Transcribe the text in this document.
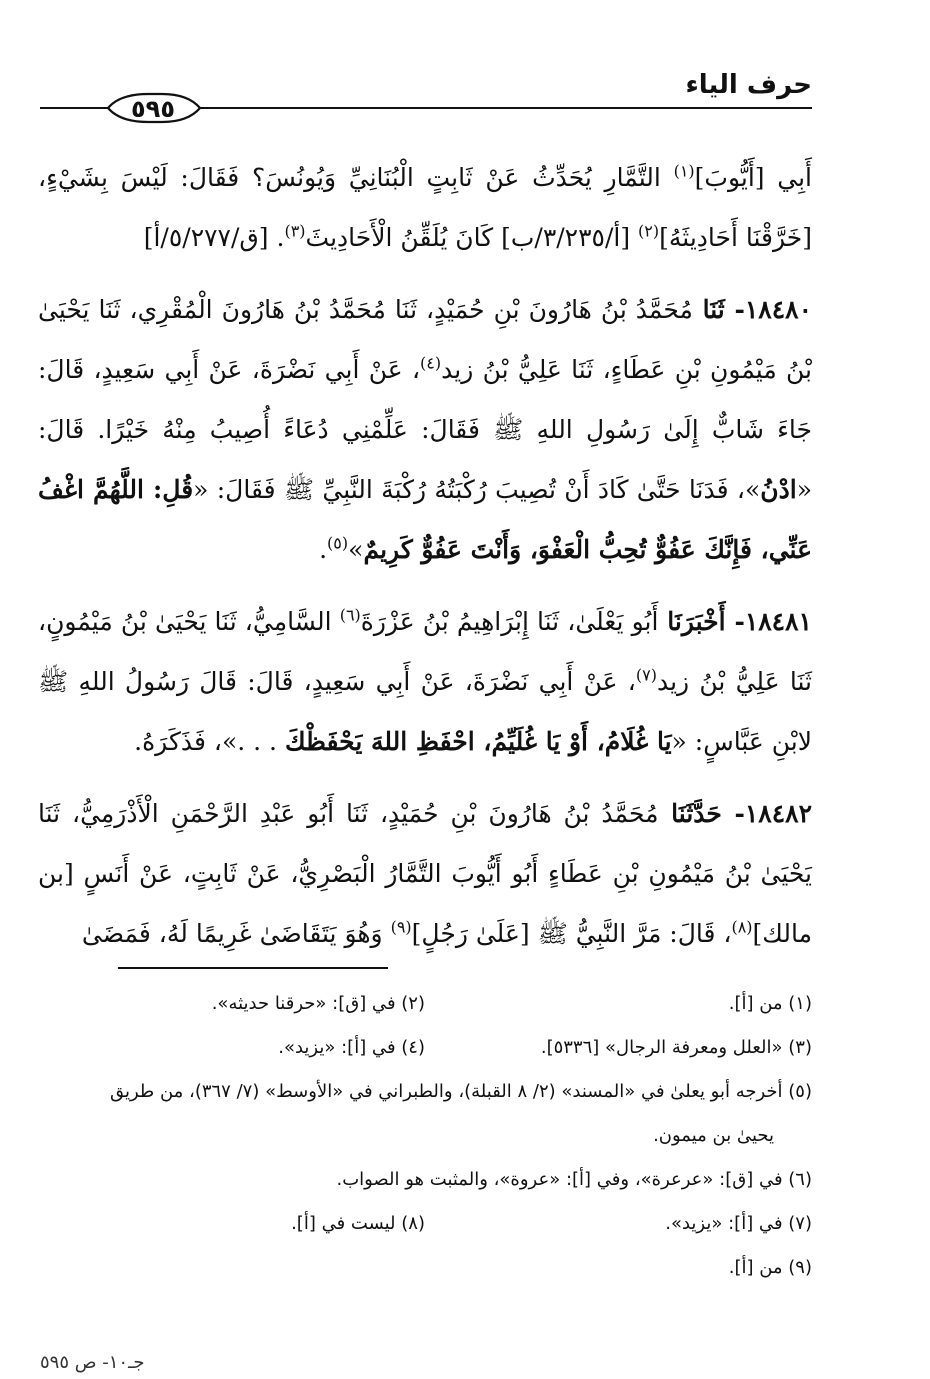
حرف الياء
٥٩٥

أَبِي [أَيُّوبَ]$^{(١)}$ التَّمَّارِ يُحَدِّثُ عَنْ ثَابِتٍ الْبُنَانِيِّ وَيُونُسَ؟ فَقَالَ: لَيْسَ بِشَيْءٍ، [خَرَّقْنَا أَحَادِيثَهُ]$^{(٢)}$ [أ/٣/٢٣٥/ب] كَانَ يُلَقِّنُ الْأَحَادِيثَ$^{(٣)}$. [ق/٥/٢٧٧/أ]

١٨٤٨٠- ثَنَا مُحَمَّدُ بْنُ هَارُونَ بْنِ حُمَيْدٍ، ثَنَا مُحَمَّدُ بْنُ هَارُونَ الْمُقْرِي، ثَنَا يَحْيَىٰ بْنُ مَيْمُونِ بْنِ عَطَاءٍ، ثَنَا عَلِيُّ بْنُ زيد$^{(٤)}$، عَنْ أَبِي نَضْرَةَ، عَنْ أَبِي سَعِيدٍ، قَالَ: جَاءَ شَابٌّ إِلَىٰ رَسُولِ اللهِ ﷺ فَقَالَ: عَلِّمْنِي دُعَاءً أُصِيبُ مِنْهُ خَيْرًا. قَالَ: «ادْنُ»، فَدَنَا حَتَّىٰ كَادَ أَنْ تُصِيبَ رُكْبَتُهُ رُكْبَةَ النَّبِيِّ ﷺ فَقَالَ: «قُلِ: اللَّهُمَّ اغْفُ عَنِّي، فَإِنَّكَ عَفُوٌّ تُحِبُّ الْعَفْوَ، وَأَنْتَ عَفُوٌّ كَرِيمٌ»$^{(٥)}$.

١٨٤٨١- أَخْبَرَنَا أَبُو يَعْلَىٰ، ثَنَا إِبْرَاهِيمُ بْنُ عَزْرَةَ$^{(٦)}$ السَّامِيُّ، ثَنَا يَحْيَىٰ بْنُ مَيْمُونٍ، ثَنَا عَلِيُّ بْنُ زيد$^{(٧)}$، عَنْ أَبِي نَضْرَةَ، عَنْ أَبِي سَعِيدٍ، قَالَ: قَالَ رَسُولُ اللهِ ﷺ لابْنِ عَبَّاسٍ: «يَا غُلَامُ، أَوْ يَا غُلَيِّمُ، احْفَظِ اللهَ يَحْفَظْكَ . . .»، فَذَكَرَهُ.

١٨٤٨٢- حَدَّثَنَا مُحَمَّدُ بْنُ هَارُونَ بْنِ حُمَيْدٍ، ثَنَا أَبُو عَبْدِ الرَّحْمَنِ الْأَذْرَمِيُّ، ثَنَا يَحْيَىٰ بْنُ مَيْمُونِ بْنِ عَطَاءٍ أَبُو أَيُّوبَ التَّمَّارُ الْبَصْرِيُّ، عَنْ ثَابِتٍ، عَنْ أَنَسٍ [بن مالك]$^{(٨)}$، قَالَ: مَرَّ النَّبِيُّ ﷺ [عَلَىٰ رَجُلٍ]$^{(٩)}$ وَهُوَ يَتَقَاضَىٰ غَرِيمًا لَهُ، فَمَضَىٰ

(١) من [أ].
(٢) في [ق]: «حرقنا حديثه».
(٣) «العلل ومعرفة الرجال» [٥٣٣٦].
(٤) في [أ]: «يزيد».
(٥) أخرجه أبو يعلىٰ في «المسند» (٢/ ٨ القبلة)، والطبراني في «الأوسط» (٧/ ٣٦٧)، من طريق
يحيىٰ بن ميمون.
(٦) في [ق]: «عرعرة»، وفي [أ]: «عروة»، والمثبت هو الصواب.
(٧) في [أ]: «يزيد».
(٨) ليست في [أ].
(٩) من [أ].
جـ١٠- ص ٥٩٥
